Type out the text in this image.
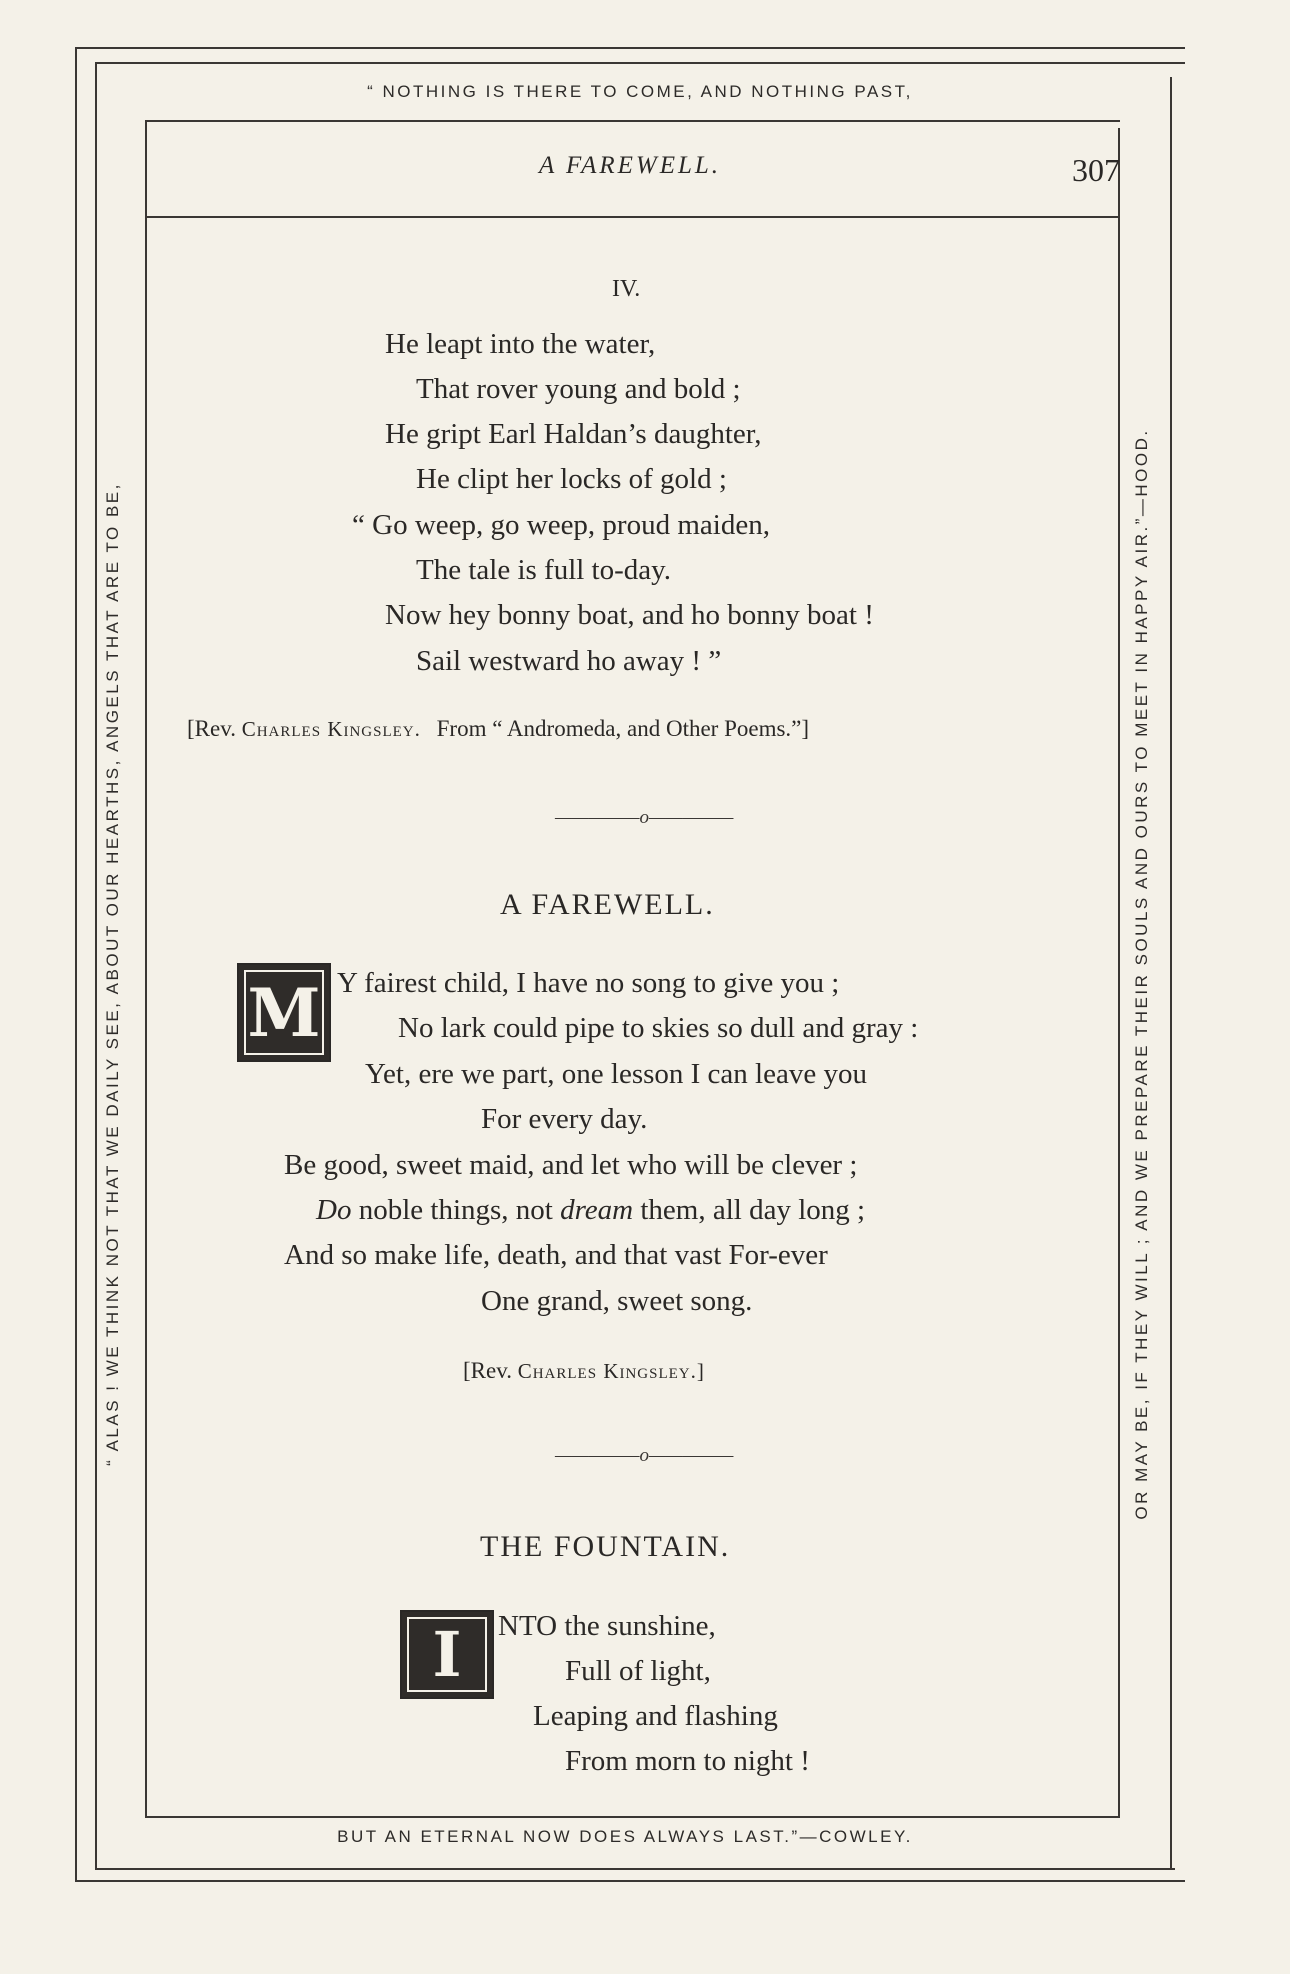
“ NOTHING IS THERE TO COME, AND NOTHING PAST,
BUT AN ETERNAL NOW DOES ALWAYS LAST.”—COWLEY.
“ ALAS ! WE THINK NOT THAT WE DAILY SEE, ABOUT OUR HEARTHS, ANGELS THAT ARE TO BE,	OR MAY BE, IF THEY WILL ; AND WE PREPARE THEIR SOULS AND OURS TO MEET IN HAPPY AIR.”—HOOD.
A FAREWELL.	307
IV.
He leapt into the water,
That rover young and bold ;
He gript Earl Haldan’s daughter,
He clipt her locks of gold ;
“ Go weep, go weep, proud maiden,
The tale is full to-day.
Now hey bonny boat, and ho bonny boat !
Sail westward ho away ! ”
[Rev. Charles Kingsley. From “ Andromeda, and Other Poems.”]
—————o—————
A FAREWELL.
M Y fairest child, I have no song to give you ;
No lark could pipe to skies so dull and gray :
Yet, ere we part, one lesson I can leave you
For every day.
Be good, sweet maid, and let who will be clever ;
Do noble things, not dream them, all day long ;
And so make life, death, and that vast For-ever
One grand, sweet song.
[Rev. Charles Kingsley.]
—————o—————
THE FOUNTAIN.
I	NTO the sunshine,
Full of light,
Leaping and flashing
From morn to night !
